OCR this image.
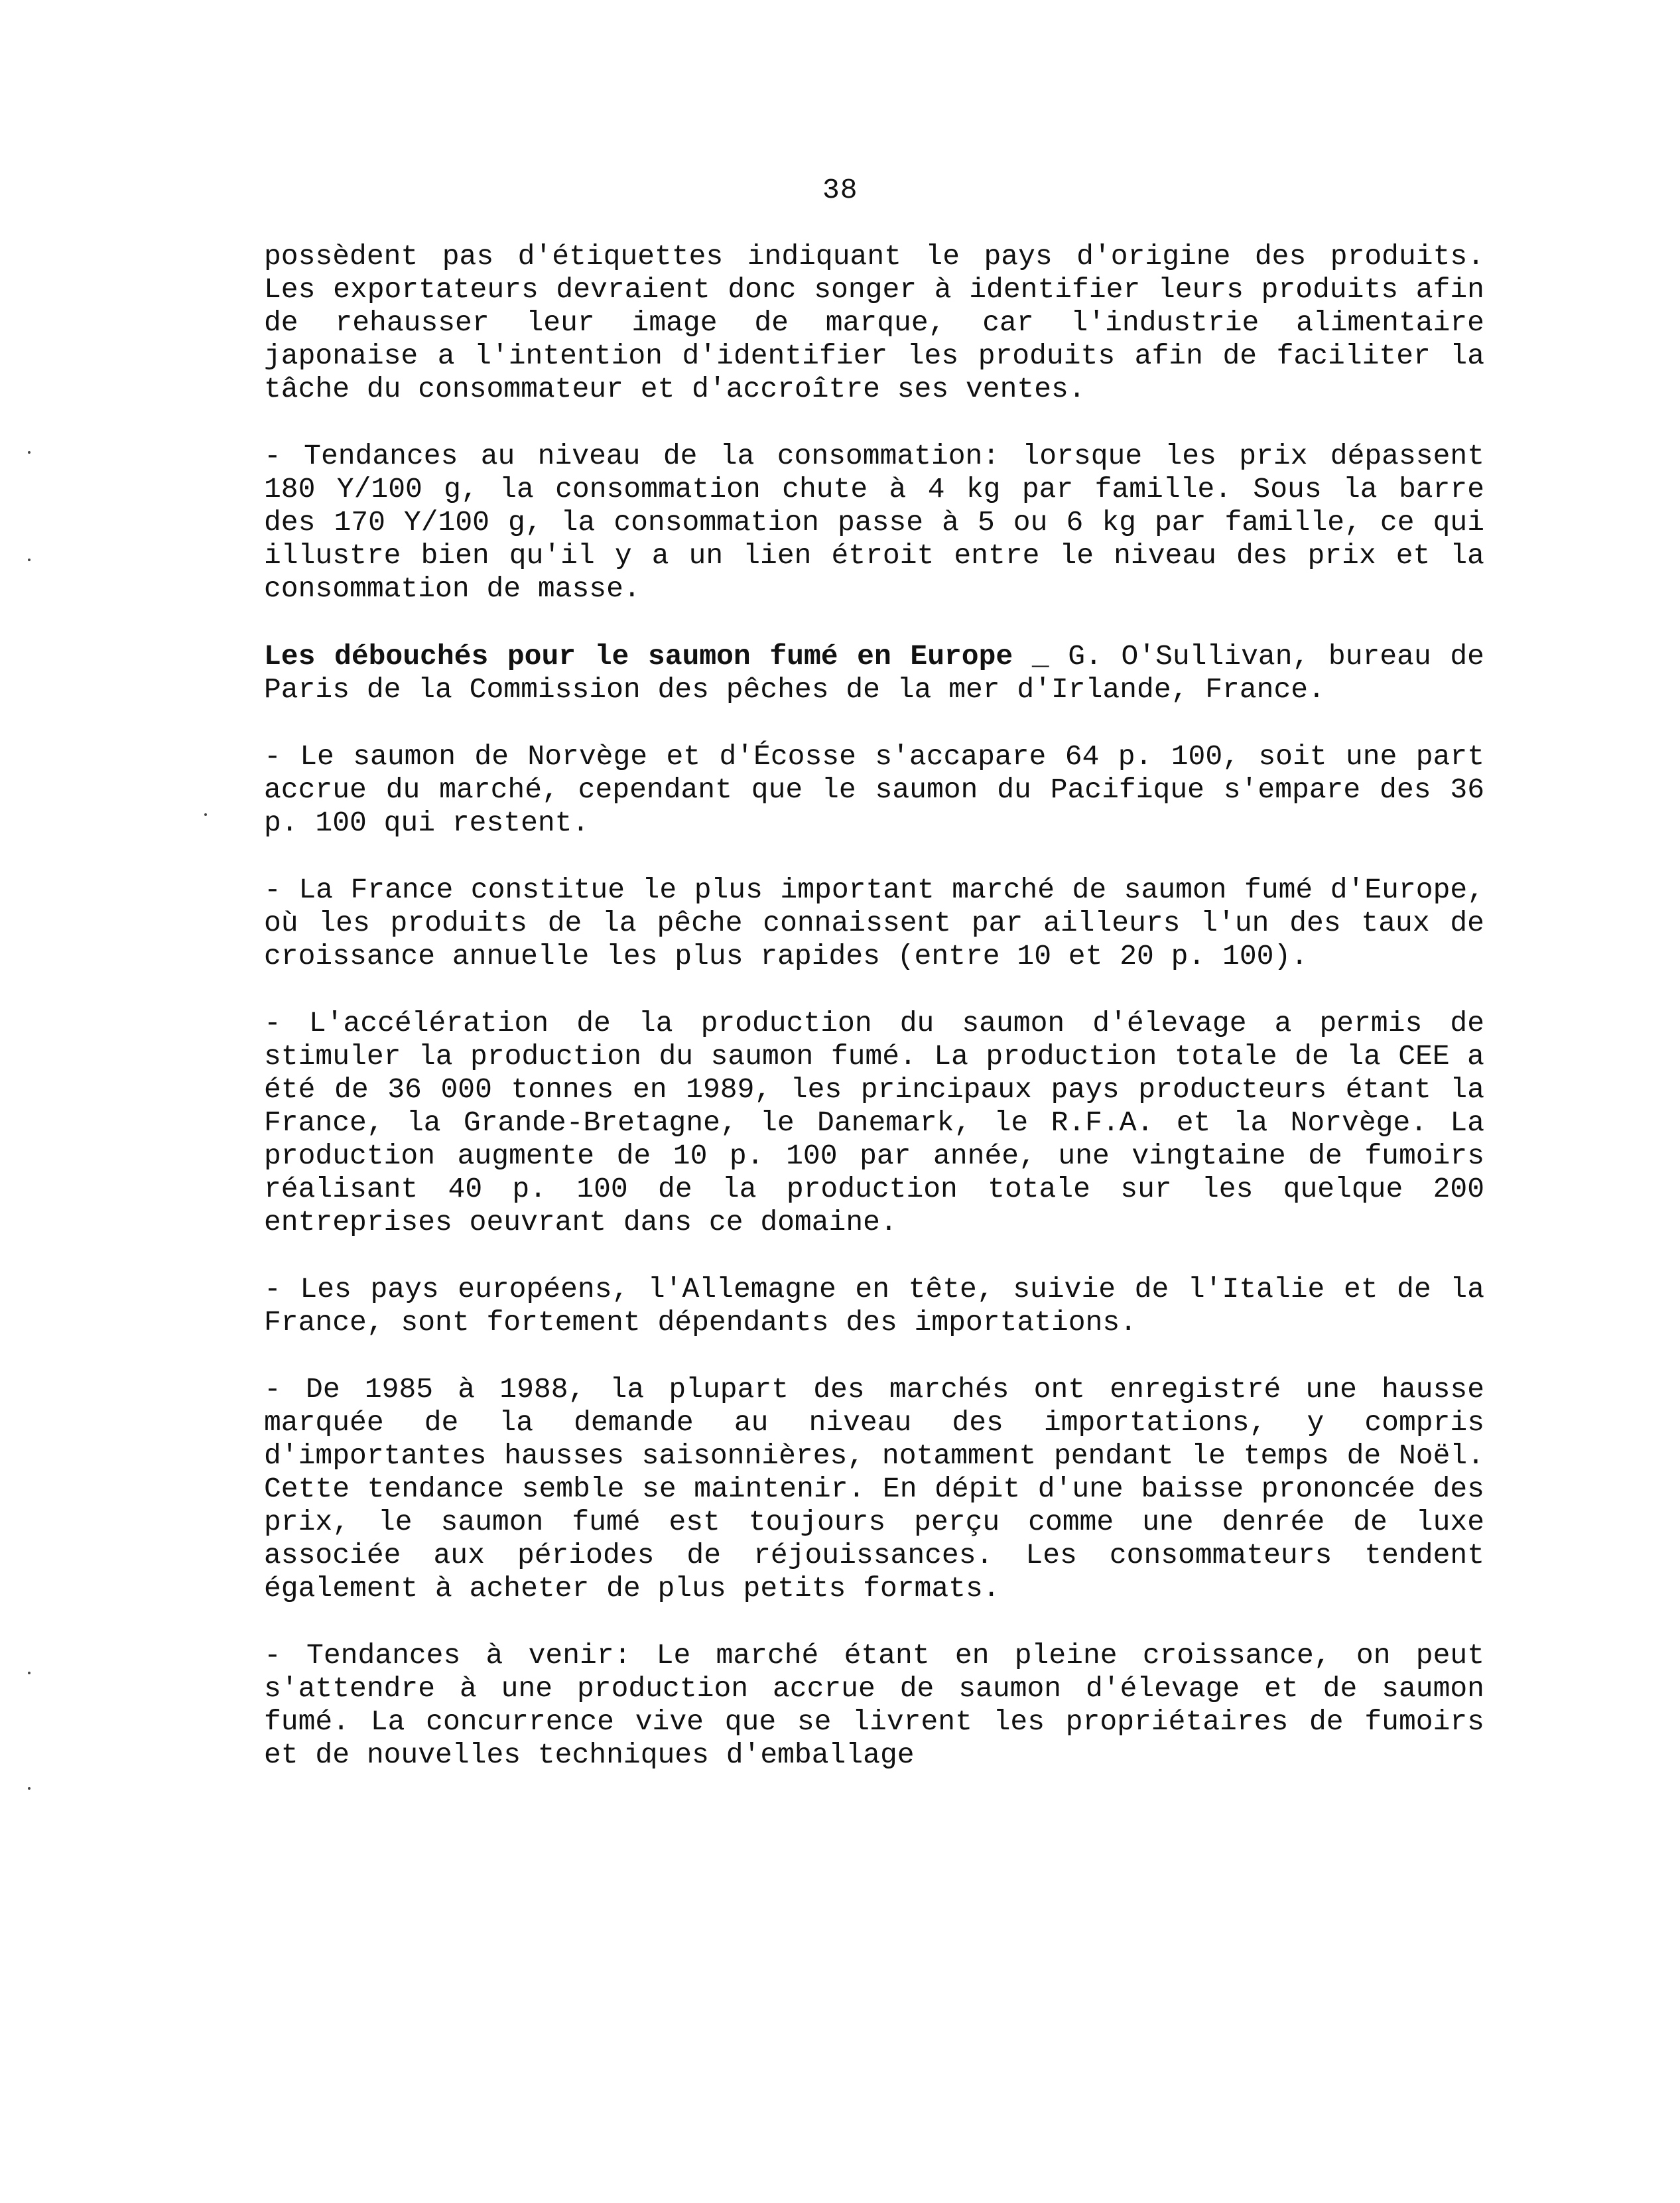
38

possèdent pas d'étiquettes indiquant le pays d'origine des produits. Les exportateurs devraient donc songer à identifier leurs produits afin de rehausser leur image de marque, car l'industrie alimentaire japonaise a l'intention d'identifier les produits afin de faciliter la tâche du consommateur et d'accroître ses ventes.

- Tendances au niveau de la consommation: lorsque les prix dépassent 180 Y/100 g, la consommation chute à 4 kg par famille. Sous la barre des 170 Y/100 g, la consommation passe à 5 ou 6 kg par famille, ce qui illustre bien qu'il y a un lien étroit entre le niveau des prix et la consommation de masse.

Les débouchés pour le saumon fumé en Europe _ G. O'Sullivan, bureau de Paris de la Commission des pêches de la mer d'Irlande, France.

- Le saumon de Norvège et d'Écosse s'accapare 64 p. 100, soit une part accrue du marché, cependant que le saumon du Pacifique s'empare des 36 p. 100 qui restent.

- La France constitue le plus important marché de saumon fumé d'Europe, où les produits de la pêche connaissent par ailleurs l'un des taux de croissance annuelle les plus rapides (entre 10 et 20 p. 100).

- L'accélération de la production du saumon d'élevage a permis de stimuler la production du saumon fumé. La production totale de la CEE a été de 36 000 tonnes en 1989, les principaux pays producteurs étant la France, la Grande-Bretagne, le Danemark, le R.F.A. et la Norvège. La production augmente de 10 p. 100 par année, une vingtaine de fumoirs réalisant 40 p. 100 de la production totale sur les quelque 200 entreprises oeuvrant dans ce domaine.

- Les pays européens, l'Allemagne en tête, suivie de l'Italie et de la France, sont fortement dépendants des importations.

- De 1985 à 1988, la plupart des marchés ont enregistré une hausse marquée de la demande au niveau des importations, y compris d'importantes hausses saisonnières, notamment pendant le temps de Noël. Cette tendance semble se maintenir. En dépit d'une baisse prononcée des prix, le saumon fumé est toujours perçu comme une denrée de luxe associée aux périodes de réjouissances. Les consommateurs tendent également à acheter de plus petits formats.

- Tendances à venir: Le marché étant en pleine croissance, on peut s'attendre à une production accrue de saumon d'élevage et de saumon fumé. La concurrence vive que se livrent les propriétaires de fumoirs et de nouvelles techniques d'emballage
